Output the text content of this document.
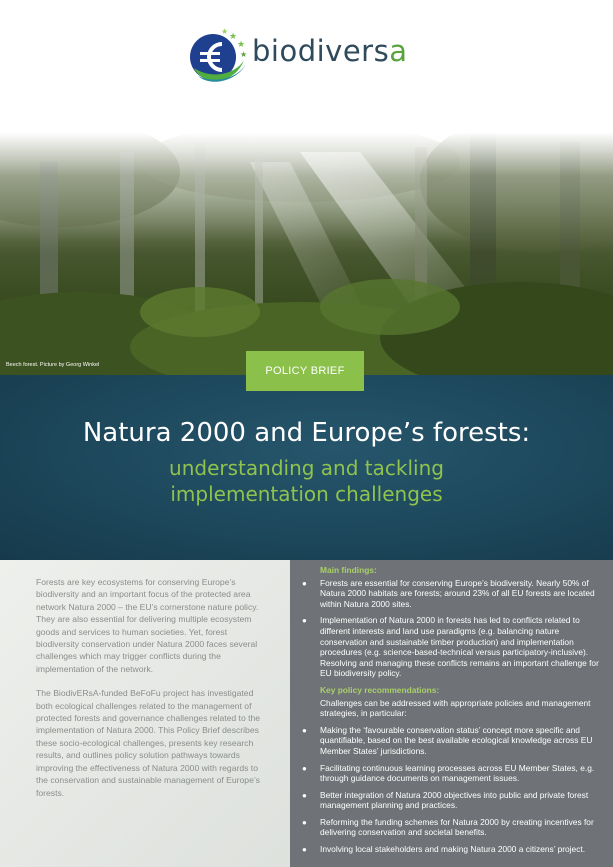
★
★
★
★
biodiversa
Beech forest. Picture by Georg Winkel	POLICY BRIEF
Natura 2000 and Europe’s forests:
understanding and tackling
implementation challenges

Forests are key ecosystems for conserving Europe’s biodiversity and an important focus of the protected area network Natura 2000 – the EU’s cornerstone nature policy. They are also essential for delivering multiple ecosystem goods and services to human societies. Yet, forest biodiversity conservation under Natura 2000 faces several challenges which may trigger conflicts during the implementation of the network.

The BiodivERsA-funded BeFoFu project has investigated both ecological challenges related to the management of protected forests and governance challenges related to the implementation of Natura 2000. This Policy Brief describes these socio-ecological challenges, presents key research results, and outlines policy solution pathways towards improving the effectiveness of Natura 2000 with regards to the conservation and sustainable management of Europe’s forests.

Main findings:
● Forests are essential for conserving Europe’s biodiversity. Nearly 50% of Natura 2000 habitats are forests; around 23% of all EU forests are located within Natura 2000 sites.
● Implementation of Natura 2000 in forests has led to conflicts related to different interests and land use paradigms (e.g. balancing nature conservation and sustainable timber production) and implementation procedures (e.g. science-based-technical versus participatory-inclusive). Resolving and managing these conflicts remains an important challenge for EU biodiversity policy.
Key policy recommendations:
Challenges can be addressed with appropriate policies and management strategies, in particular:
● Making the ‘favourable conservation status’ concept more specific and quantifiable, based on the best available ecological knowledge across EU Member States’ jurisdictions.
● Facilitating continuous learning processes across EU Member States, e.g. through guidance documents on management issues.
● Better integration of Natura 2000 objectives into public and private forest management planning and practices.
● Reforming the funding schemes for Natura 2000 by creating incentives for delivering conservation and societal benefits.
● Involving local stakeholders and making Natura 2000 a citizens’ project.
